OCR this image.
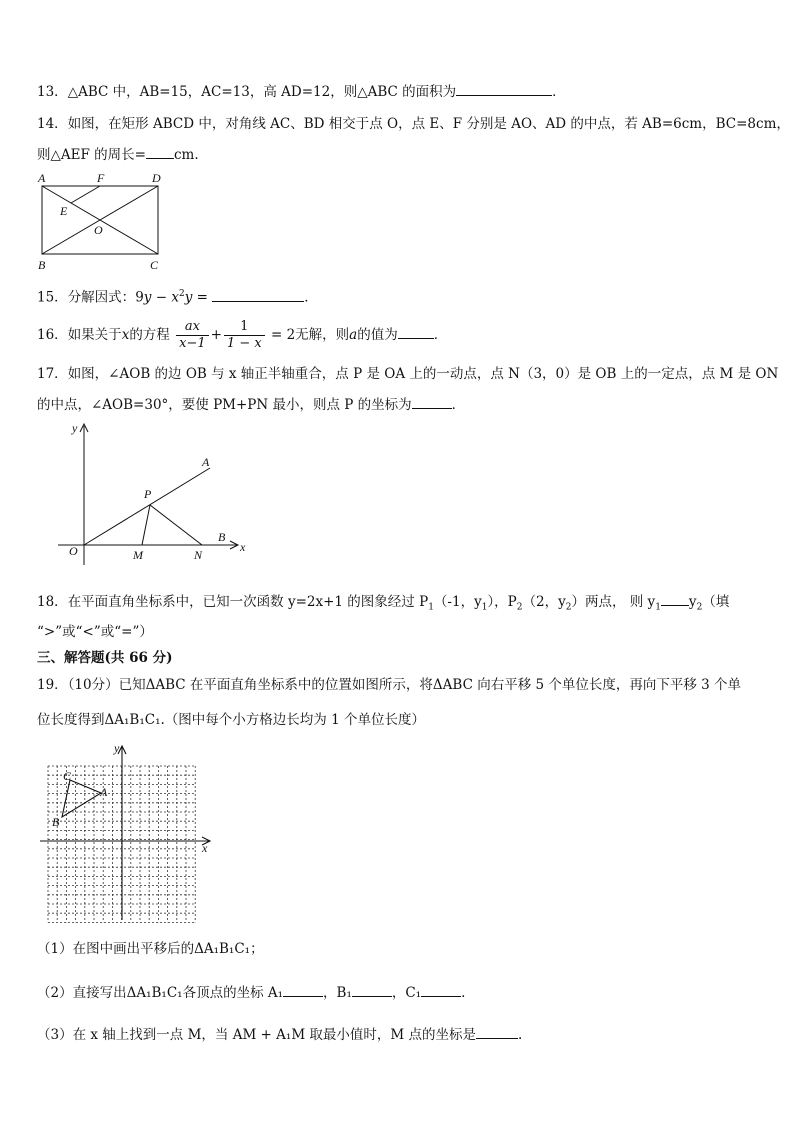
13．△ABC 中，AB=15，AC=13，高 AD=12，则△ABC 的面积为	．
14．如图，在矩形 ABCD 中，对角线 AC、BD 相交于点 O，点 E、F 分别是 AO、AD 的中点，若 AB=6cm，BC=8cm，
则△AEF 的周长= cm.
A	F	D
E
O
B	C
15．分解因式：$9y - x^2y$ =	．
16．如果关于x的方程 $\frac{ax}{x-1} + \frac{1}{1 - x} = 2$无解，则a的值为	．
17．如图，∠AOB 的边 OB 与 x 轴正半轴重合，点 P 是 OA 上的一动点，点 N（3，0）是 OB 上的一定点，点 M 是 ON
的中点，∠AOB=30°，要使 PM+PN 最小，则点 P 的坐标为	．
y
x
O
A
B
P
M	N
18．在平面直角坐标系中，已知一次函数 y=2x+1 的图象经过 $P_1(-1$，$y_1$），$P_2(2$，$y_2$）两点， 则 $y_1$ $y_2$（填
“>”或“<”或“=”）
三、解答题(共 66 分)
19．（10分）已知ΔABC 在平面直角坐标系中的位置如图所示，将ΔABC 向右平移 5 个单位长度，再向下平移 3 个单
位长度得到ΔA₁B₁C₁.（图中每个小方格边长均为 1 个单位长度）
y
x
A
B
C
（1）在图中画出平移后的ΔA₁B₁C₁；
（2）直接写出ΔA₁B₁C₁各顶点的坐标 A₁	，B₁	，C₁	.
（3）在 x 轴上找到一点 M，当 AM + A₁M 取最小值时，M 点的坐标是	.
